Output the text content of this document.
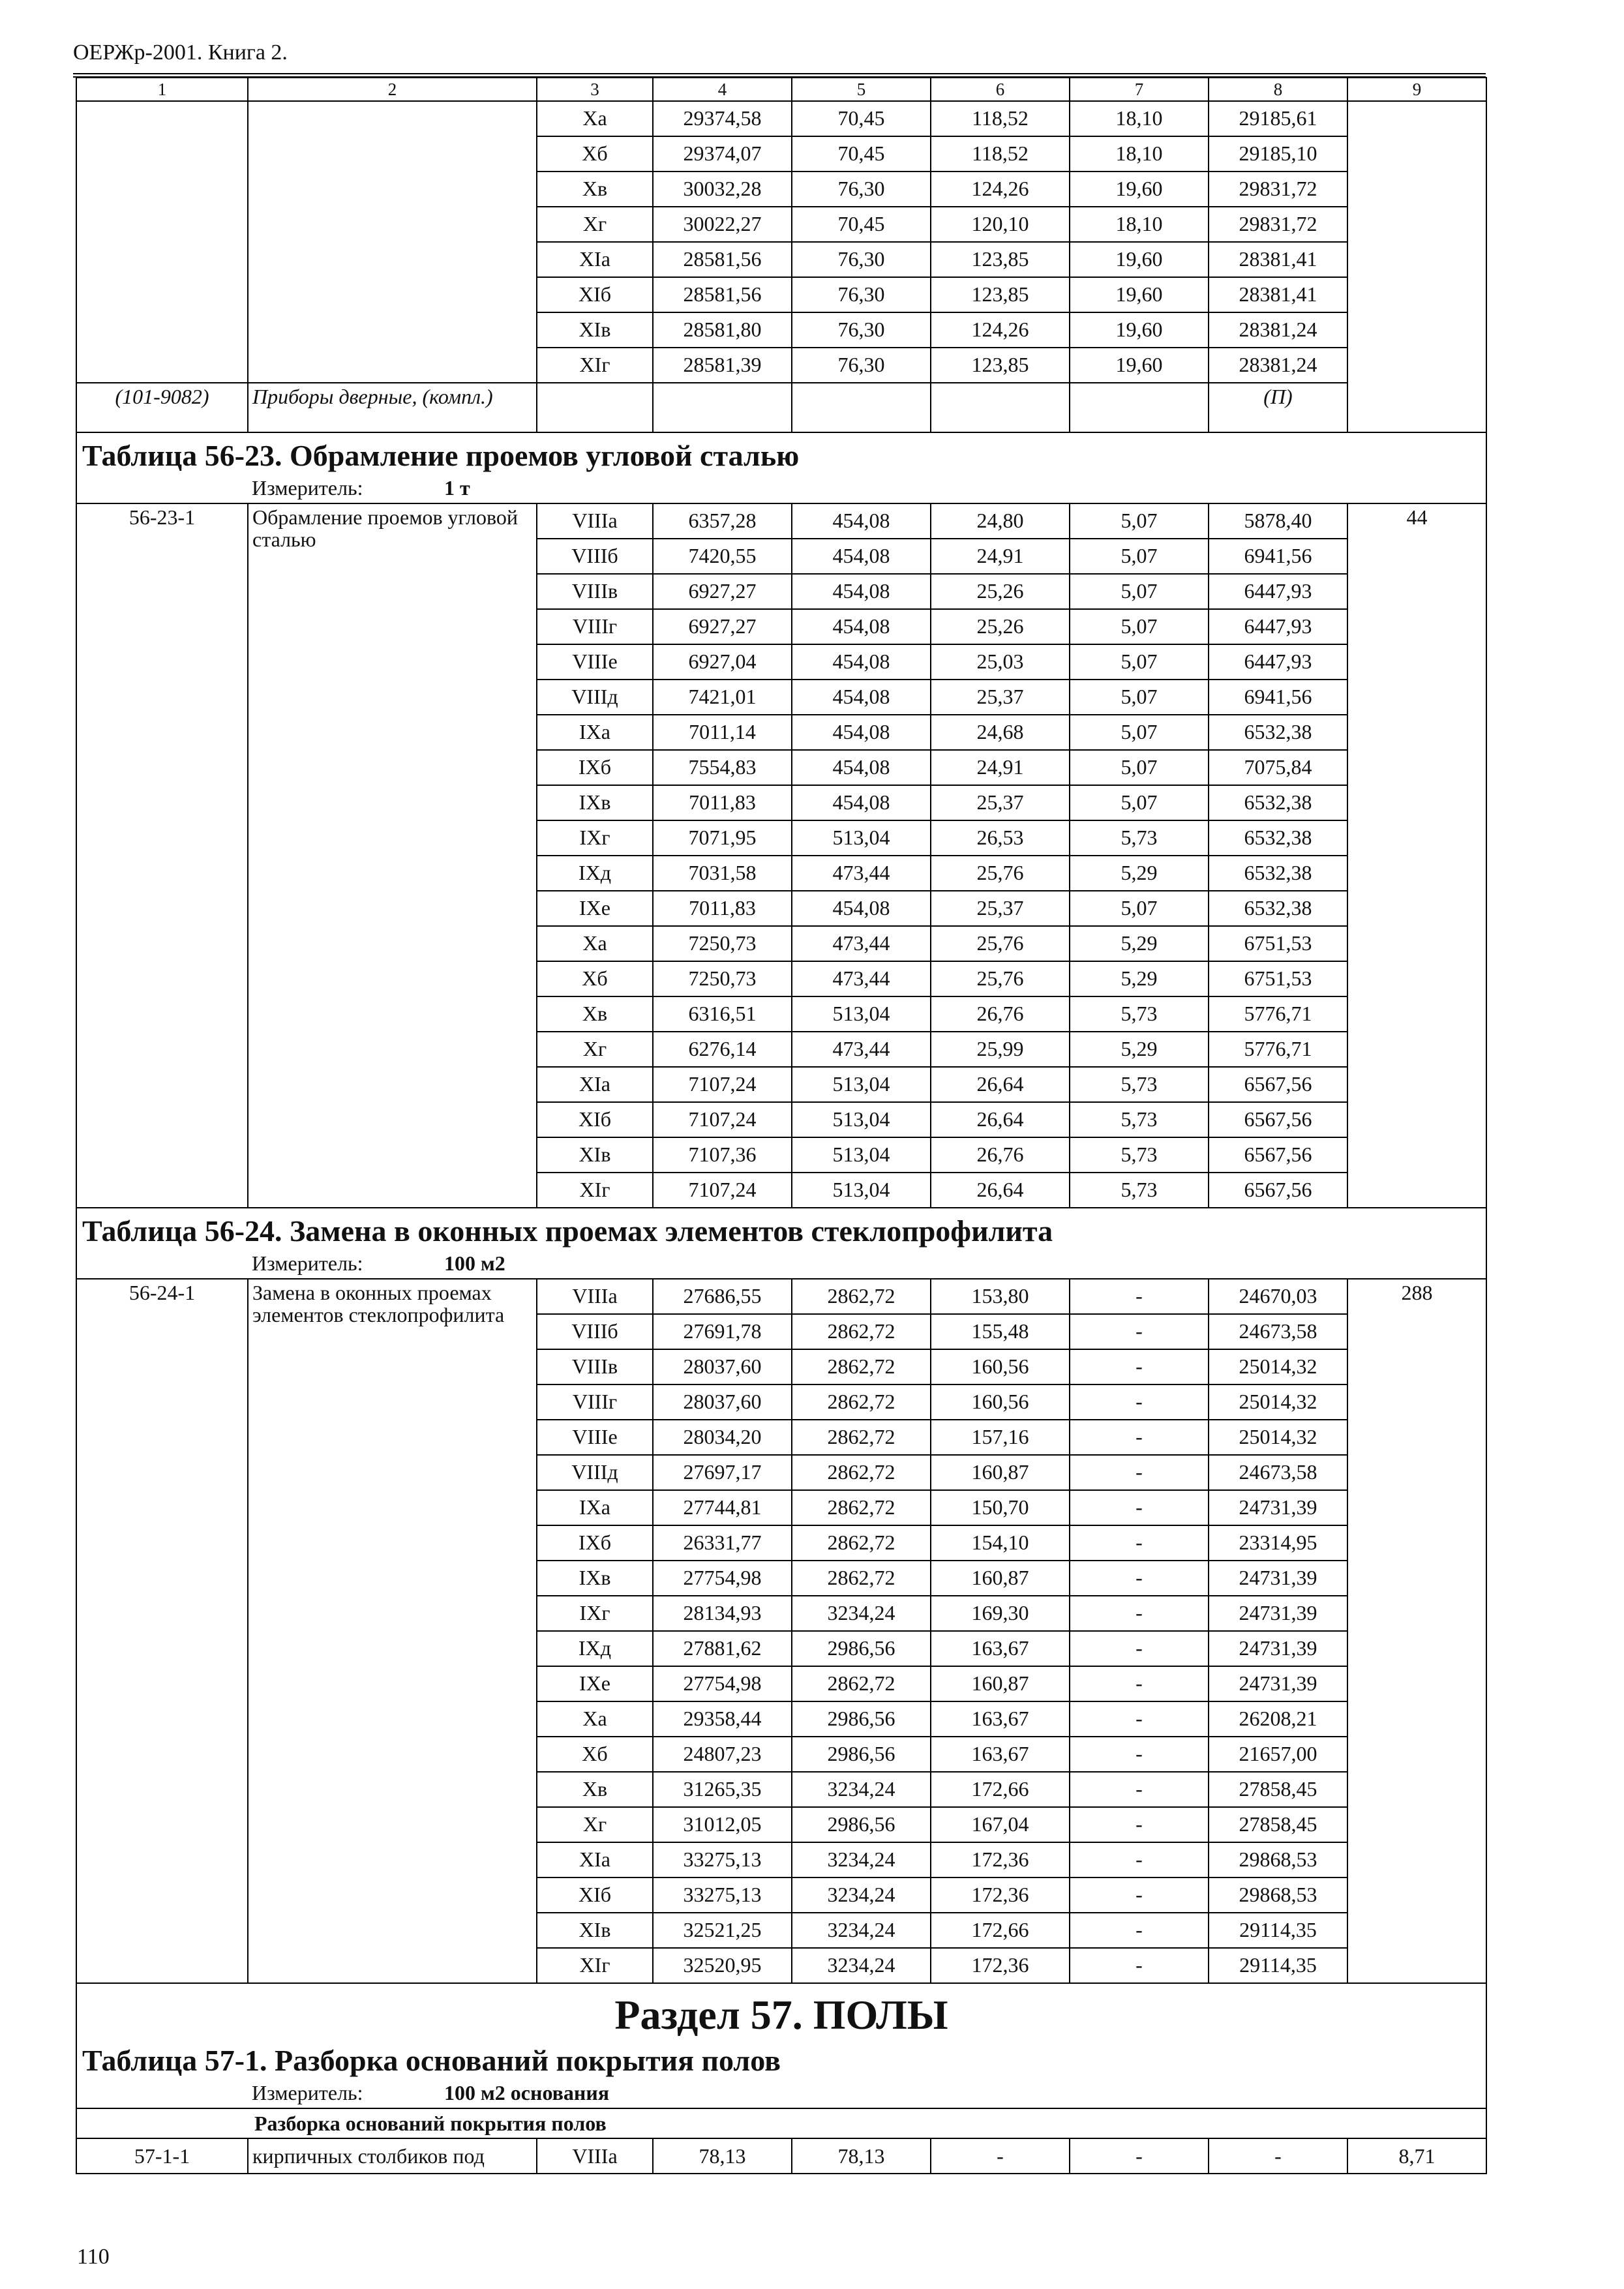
ОЕРЖр-2001. Книга 2.
1	2	3	4	5	6	7	8	9
		Xa	29374,58	70,45	118,52	18,10	29185,61	
		Xб	29374,07	70,45	118,52	18,10	29185,10	
		Xв	30032,28	76,30	124,26	19,60	29831,72	
		Xг	30022,27	70,45	120,10	18,10	29831,72	
		XIa	28581,56	76,30	123,85	19,60	28381,41	
		XIб	28581,56	76,30	123,85	19,60	28381,41	
		XIв	28581,80	76,30	124,26	19,60	28381,24	
		XIг	28581,39	76,30	123,85	19,60	28381,24	
(101-9082)	Приборы дверные, (компл.)						(П)	

Таблица 56-23. Обрамление проемов угловой сталью
Измеритель: 1 т								

56-23-1	Обрамление проемов угловой сталью	VIIIa	6357,28	454,08	24,80	5,07	5878,40	44
		VIIIб	7420,55	454,08	24,91	5,07	6941,56	
		VIIIв	6927,27	454,08	25,26	5,07	6447,93	
		VIIIг	6927,27	454,08	25,26	5,07	6447,93	
		VIIIe	6927,04	454,08	25,03	5,07	6447,93	
		VIIIд	7421,01	454,08	25,37	5,07	6941,56	
		IXa	7011,14	454,08	24,68	5,07	6532,38	
		IXб	7554,83	454,08	24,91	5,07	7075,84	
		IXв	7011,83	454,08	25,37	5,07	6532,38	
		IXг	7071,95	513,04	26,53	5,73	6532,38	
		IXд	7031,58	473,44	25,76	5,29	6532,38	
		IXe	7011,83	454,08	25,37	5,07	6532,38	
		Xa	7250,73	473,44	25,76	5,29	6751,53	
		Xб	7250,73	473,44	25,76	5,29	6751,53	
		Xв	6316,51	513,04	26,76	5,73	5776,71	
		Xг	6276,14	473,44	25,99	5,29	5776,71	
		XIa	7107,24	513,04	26,64	5,73	6567,56	
		XIб	7107,24	513,04	26,64	5,73	6567,56	
		XIв	7107,36	513,04	26,76	5,73	6567,56	
		XIг	7107,24	513,04	26,64	5,73	6567,56	

Таблица 56-24. Замена в оконных проемах элементов стеклопрофилита
Измеритель: 100 м2								

56-24-1	Замена в оконных проемах элементов стеклопрофилита	VIIIa	27686,55	2862,72	153,80	-	24670,03	288
		VIIIб	27691,78	2862,72	155,48	-	24673,58	
		VIIIв	28037,60	2862,72	160,56	-	25014,32	
		VIIIг	28037,60	2862,72	160,56	-	25014,32	
		VIIIe	28034,20	2862,72	157,16	-	25014,32	
		VIIIд	27697,17	2862,72	160,87	-	24673,58	
		IXa	27744,81	2862,72	150,70	-	24731,39	
		IXб	26331,77	2862,72	154,10	-	23314,95	
		IXв	27754,98	2862,72	160,87	-	24731,39	
		IXг	28134,93	3234,24	169,30	-	24731,39	
		IXд	27881,62	2986,56	163,67	-	24731,39	
		IXe	27754,98	2862,72	160,87	-	24731,39	
		Xa	29358,44	2986,56	163,67	-	26208,21	
		Xб	24807,23	2986,56	163,67	-	21657,00	
		Xв	31265,35	3234,24	172,66	-	27858,45	
		Xг	31012,05	2986,56	167,04	-	27858,45	
		XIa	33275,13	3234,24	172,36	-	29868,53	
		XIб	33275,13	3234,24	172,36	-	29868,53	
		XIв	32521,25	3234,24	172,66	-	29114,35	
		XIг	32520,95	3234,24	172,36	-	29114,35	

Раздел 57. ПОЛЫ
Таблица 57-1. Разборка оснований покрытия полов
Измеритель: 100 м2 основания								

Разборка оснований покрытия полов								
57-1-1	кирпичных столбиков под	VIIIa	78,13	78,13	-	-	-	8,71
110
